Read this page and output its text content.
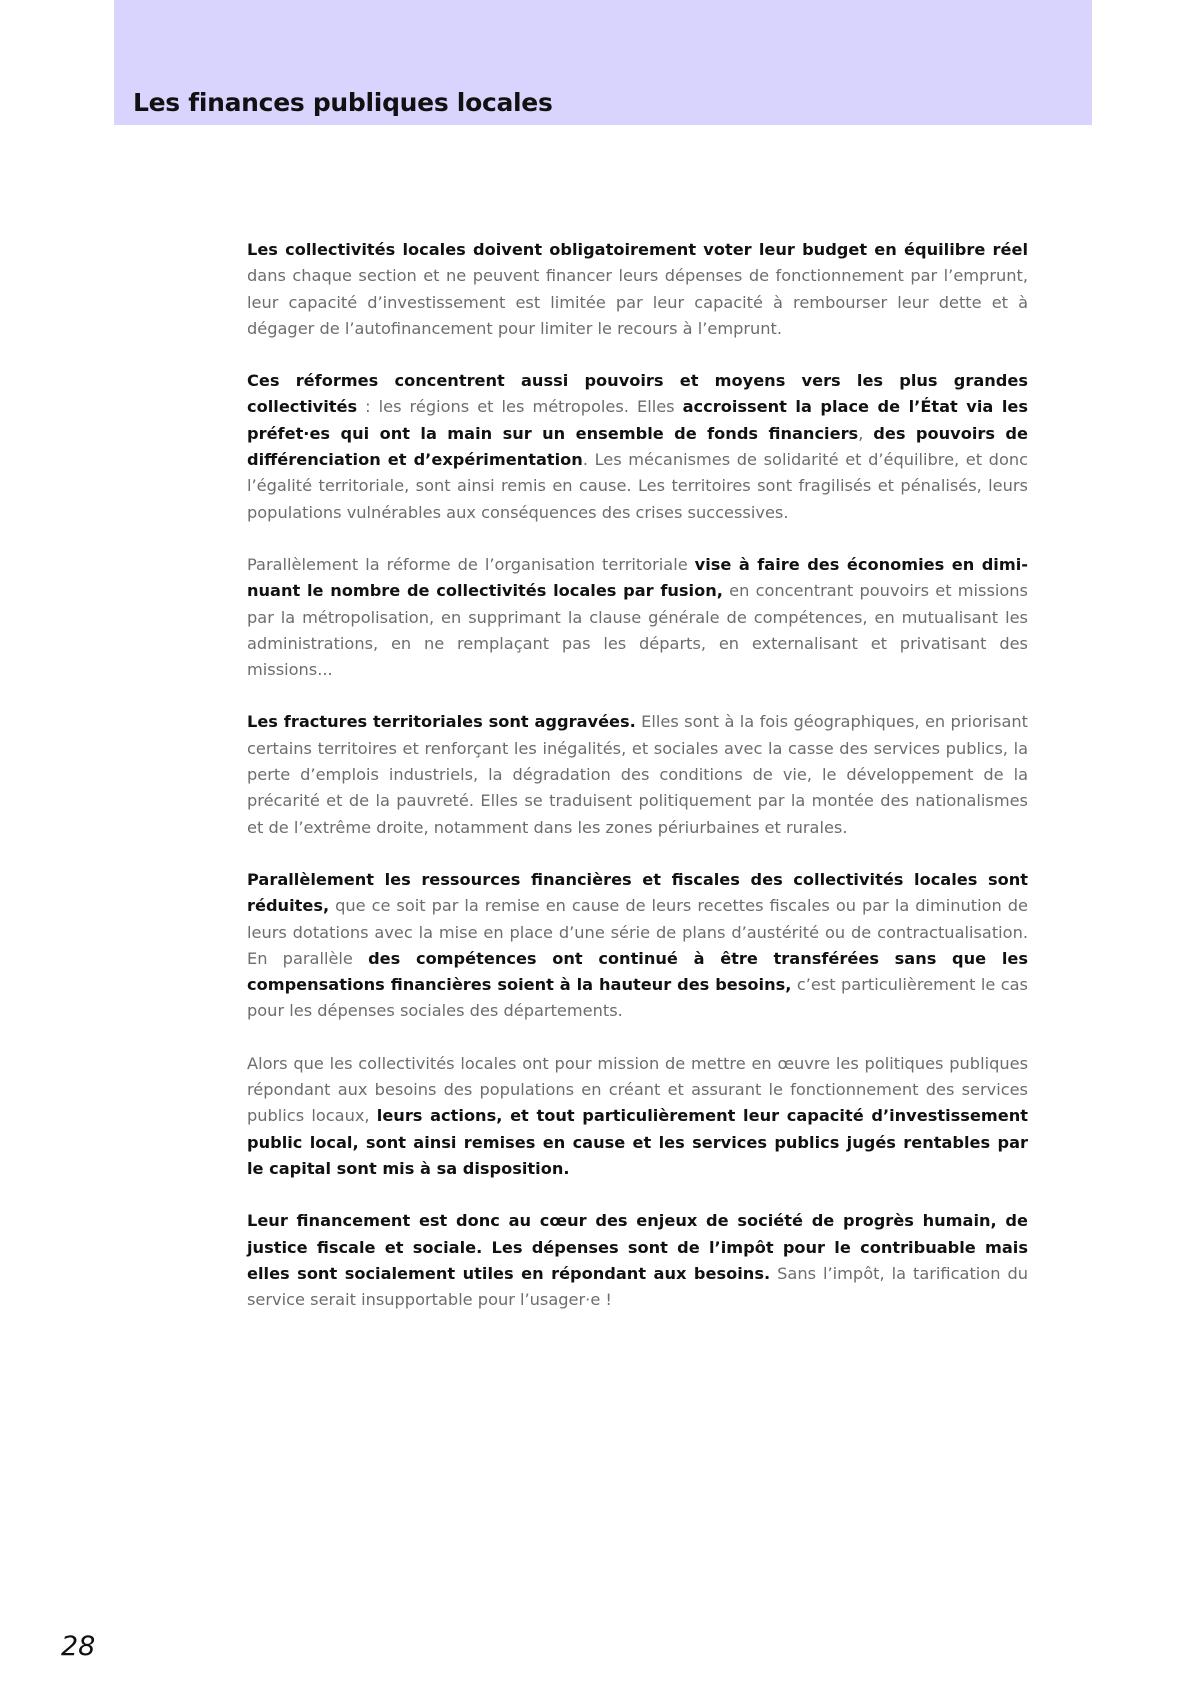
Les finances publiques locales

Les collectivités locales doivent obligatoirement voter leur budget en équilibre réel dans chaque section et ne peuvent financer leurs dépenses de fonctionnement par l’emprunt, leur capacité d’investissement est limitée par leur capacité à rembourser leur dette et à dégager de l’autofinancement pour limiter le recours à l’emprunt.

Ces réformes concentrent aussi pouvoirs et moyens vers les plus grandes collectivités : les régions et les métropoles. Elles accroissent la place de l’État via les préfet·es qui ont la main sur un ensemble de fonds financiers, des pouvoirs de différenciation et d’expérimentation. Les mécanismes de solidarité et d’équilibre, et donc l’égalité territoriale, sont ainsi remis en cause. Les territoires sont fragilisés et pénalisés, leurs populations vulnérables aux conséquences des crises successives.

Parallèlement la réforme de l’organisation territoriale vise à faire des économies en diminuant le nombre de collectivités locales par fusion, en concentrant pouvoirs et missions par la métropolisation, en supprimant la clause générale de compétences, en mutualisant les administrations, en ne remplaçant pas les départs, en externalisant et privatisant des missions...

Les fractures territoriales sont aggravées. Elles sont à la fois géographiques, en priorisant certains territoires et renforçant les inégalités, et sociales avec la casse des services publics, la perte d’emplois industriels, la dégradation des conditions de vie, le développement de la précarité et de la pauvreté. Elles se traduisent politiquement par la montée des nationalismes et de l’extrême droite, notamment dans les zones périurbaines et rurales.

Parallèlement les ressources financières et fiscales des collectivités locales sont réduites, que ce soit par la remise en cause de leurs recettes fiscales ou par la diminution de leurs dotations avec la mise en place d’une série de plans d’austérité ou de contractualisation. En parallèle des compétences ont continué à être transférées sans que les compensations financières soient à la hauteur des besoins, c’est particulièrement le cas pour les dépenses sociales des départements.

Alors que les collectivités locales ont pour mission de mettre en œuvre les politiques publiques répondant aux besoins des populations en créant et assurant le fonctionnement des services publics locaux, leurs actions, et tout particulièrement leur capacité d’investissement public local, sont ainsi remises en cause et les services publics jugés rentables par le capital sont mis à sa disposition.

Leur financement est donc au cœur des enjeux de société de progrès humain, de justice fiscale et sociale. Les dépenses sont de l’impôt pour le contribuable mais elles sont socialement utiles en répondant aux besoins. Sans l’impôt, la tarification du service serait insupportable pour l’usager·e !

28
